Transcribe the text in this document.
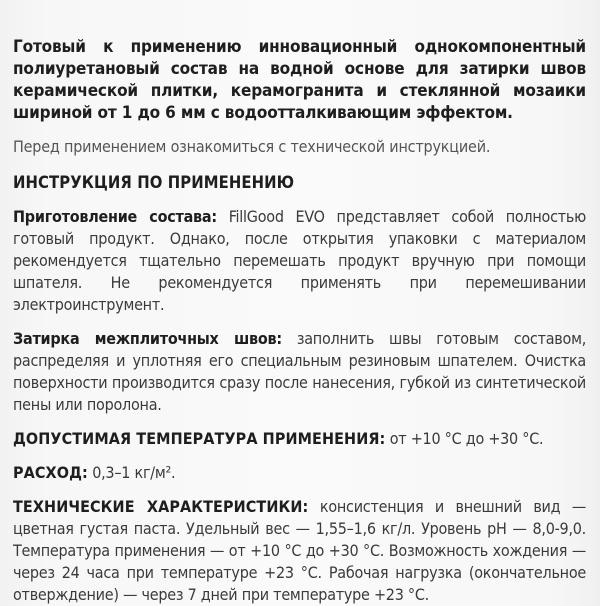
Готовый к применению инновационный однокомпонентный полиуретановый состав на водной основе для затирки швов керамической плитки, керамогранита и стеклянной мозаики шириной от 1 до 6 мм с водоотталкивающим эффектом.

Перед применением ознакомиться с технической инструкцией.

ИНСТРУКЦИЯ ПО ПРИМЕНЕНИЮ

Приготовление состава: FillGood EVO представляет собой полностью готовый продукт. Однако, после открытия упаковки с материалом рекомендуется тщательно перемешать продукт вручную при помощи шпателя. Не рекомендуется применять при перемешивании электроинструмент.

Затирка межплиточных швов: заполнить швы готовым составом, распределяя и уплотняя его специальным резиновым шпателем. Очистка поверхности производится сразу после нанесения, губкой из синтетической пены или поролона.

ДОПУСТИМАЯ ТЕМПЕРАТУРА ПРИМЕНЕНИЯ: от +10 °С до +30 °С.

РАСХОД: 0,3–1 кг/м².

ТЕХНИЧЕСКИЕ ХАРАКТЕРИСТИКИ: консистенция и внешний вид — цветная густая паста. Удельный вес — 1,55–1,6 кг/л. Уровень pH — 8,0-9,0. Температура применения — от +10 °С до +30 °С. Возможность хождения — через 24 часа при температуре +23 °С. Рабочая нагрузка (окончательное отверждение) — через 7 дней при температуре +23 °С.
